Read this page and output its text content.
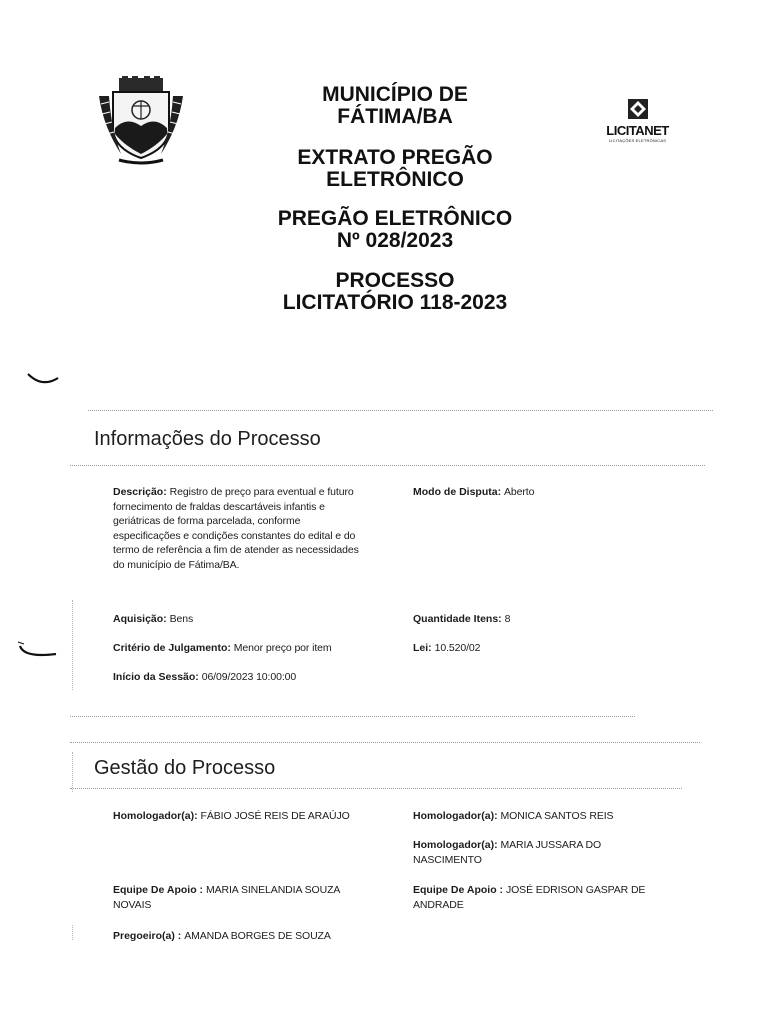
MUNICÍPIO DE

FÁTIMA/BA

EXTRATO PREGÃO

ELETRÔNICO

PREGÃO ELETRÔNICO

Nº 028/2023

PROCESSO

LICITATÓRIO 118-2023

LICITANET
LICITAÇÕES ELETRÔNICAS
Informações do Processo
Descrição: Registro de preço para eventual e futuro fornecimento de fraldas descartáveis infantis e geriátricas de forma parcelada, conforme especificações e condições constantes do edital e do termo de referência a fim de atender as necessidades do município de Fátima/BA.
Modo de Disputa: Aberto
Aquisição: Bens	Quantidade Itens: 8
Critério de Julgamento: Menor preço por item	Lei: 10.520/02
Início da Sessão: 06/09/2023 10:00:00
Gestão do Processo
Homologador(a): FÁBIO JOSÉ REIS DE ARAÚJO	Homologador(a): MONICA SANTOS REIS
Homologador(a): MARIA JUSSARA DO NASCIMENTO
Equipe De Apoio : MARIA SINELANDIA SOUZA NOVAIS
Equipe De Apoio : JOSÉ EDRISON GASPAR DE ANDRADE
Pregoeiro(a) : AMANDA BORGES DE SOUZA
